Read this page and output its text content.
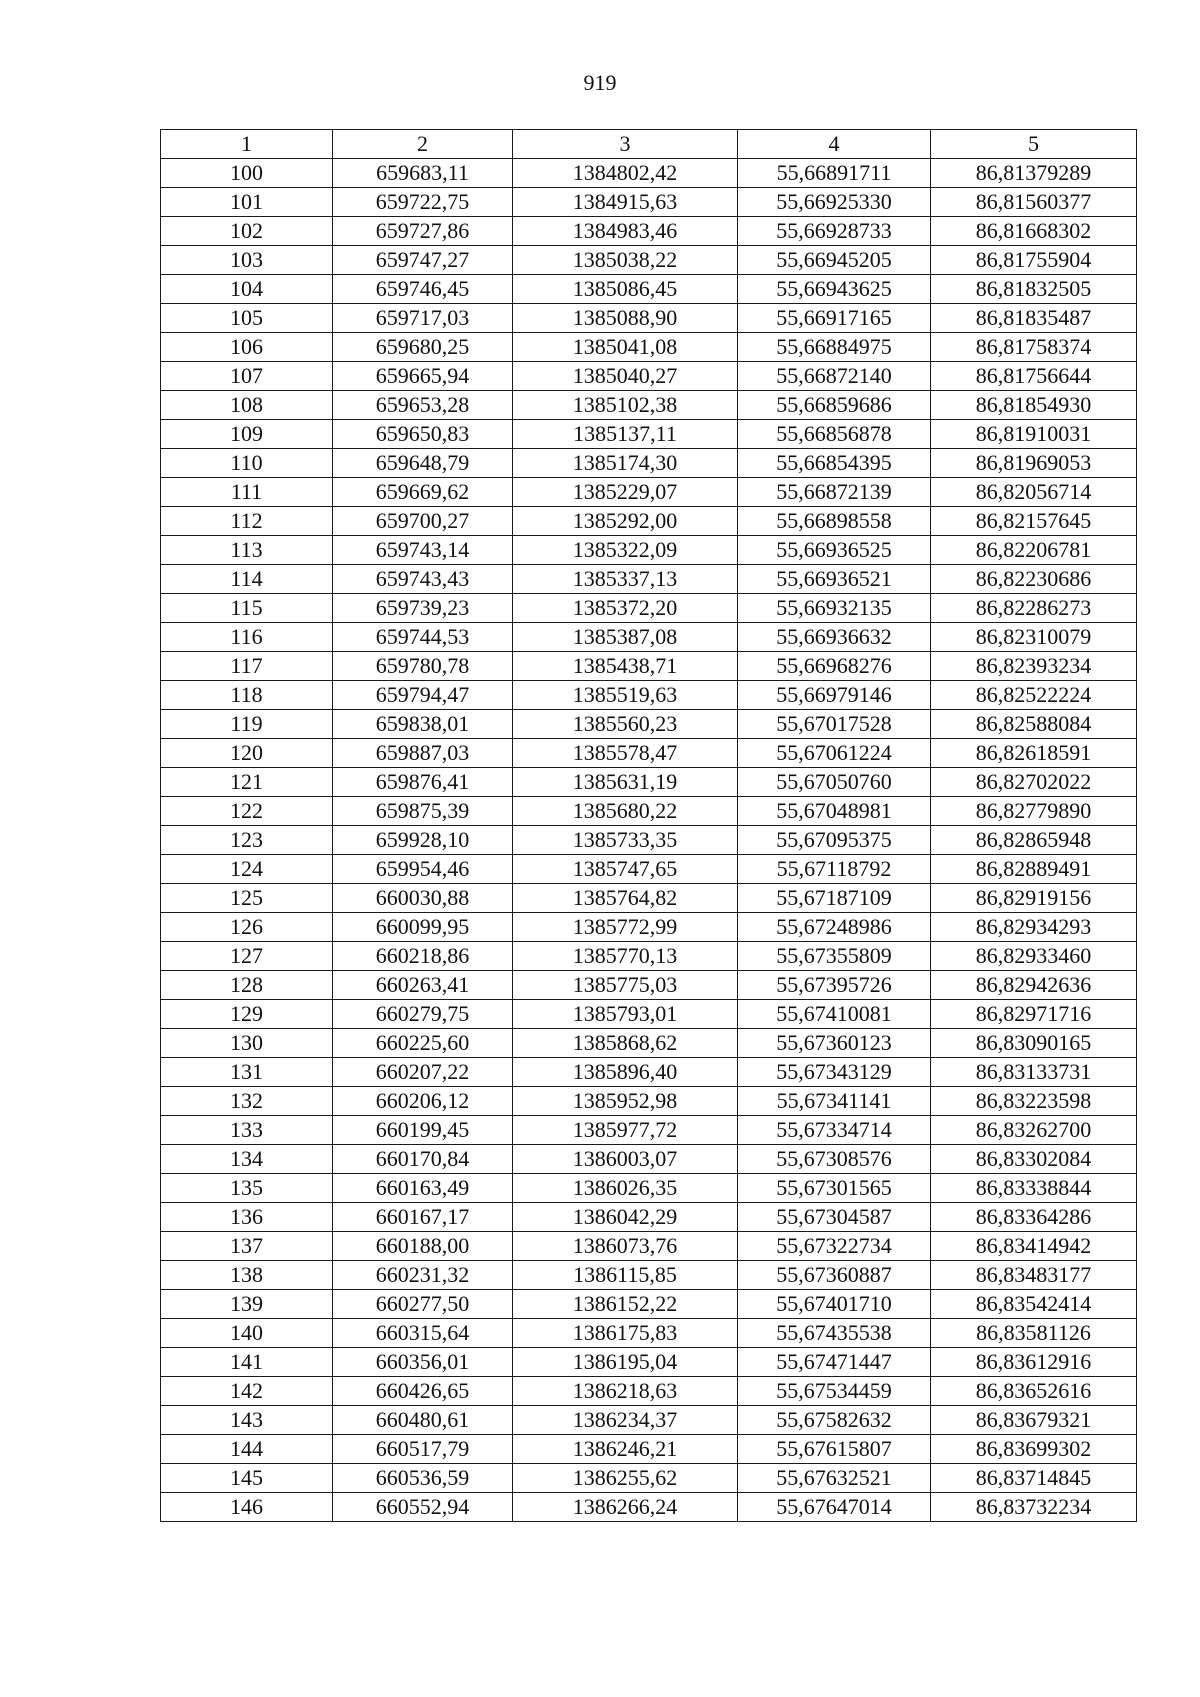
919
1	2	3	4	5
100	659683,11	1384802,42	55,66891711	86,81379289
101	659722,75	1384915,63	55,66925330	86,81560377
102	659727,86	1384983,46	55,66928733	86,81668302
103	659747,27	1385038,22	55,66945205	86,81755904
104	659746,45	1385086,45	55,66943625	86,81832505
105	659717,03	1385088,90	55,66917165	86,81835487
106	659680,25	1385041,08	55,66884975	86,81758374
107	659665,94	1385040,27	55,66872140	86,81756644
108	659653,28	1385102,38	55,66859686	86,81854930
109	659650,83	1385137,11	55,66856878	86,81910031
110	659648,79	1385174,30	55,66854395	86,81969053
111	659669,62	1385229,07	55,66872139	86,82056714
112	659700,27	1385292,00	55,66898558	86,82157645
113	659743,14	1385322,09	55,66936525	86,82206781
114	659743,43	1385337,13	55,66936521	86,82230686
115	659739,23	1385372,20	55,66932135	86,82286273
116	659744,53	1385387,08	55,66936632	86,82310079
117	659780,78	1385438,71	55,66968276	86,82393234
118	659794,47	1385519,63	55,66979146	86,82522224
119	659838,01	1385560,23	55,67017528	86,82588084
120	659887,03	1385578,47	55,67061224	86,82618591
121	659876,41	1385631,19	55,67050760	86,82702022
122	659875,39	1385680,22	55,67048981	86,82779890
123	659928,10	1385733,35	55,67095375	86,82865948
124	659954,46	1385747,65	55,67118792	86,82889491
125	660030,88	1385764,82	55,67187109	86,82919156
126	660099,95	1385772,99	55,67248986	86,82934293
127	660218,86	1385770,13	55,67355809	86,82933460
128	660263,41	1385775,03	55,67395726	86,82942636
129	660279,75	1385793,01	55,67410081	86,82971716
130	660225,60	1385868,62	55,67360123	86,83090165
131	660207,22	1385896,40	55,67343129	86,83133731
132	660206,12	1385952,98	55,67341141	86,83223598
133	660199,45	1385977,72	55,67334714	86,83262700
134	660170,84	1386003,07	55,67308576	86,83302084
135	660163,49	1386026,35	55,67301565	86,83338844
136	660167,17	1386042,29	55,67304587	86,83364286
137	660188,00	1386073,76	55,67322734	86,83414942
138	660231,32	1386115,85	55,67360887	86,83483177
139	660277,50	1386152,22	55,67401710	86,83542414
140	660315,64	1386175,83	55,67435538	86,83581126
141	660356,01	1386195,04	55,67471447	86,83612916
142	660426,65	1386218,63	55,67534459	86,83652616
143	660480,61	1386234,37	55,67582632	86,83679321
144	660517,79	1386246,21	55,67615807	86,83699302
145	660536,59	1386255,62	55,67632521	86,83714845
146	660552,94	1386266,24	55,67647014	86,83732234
